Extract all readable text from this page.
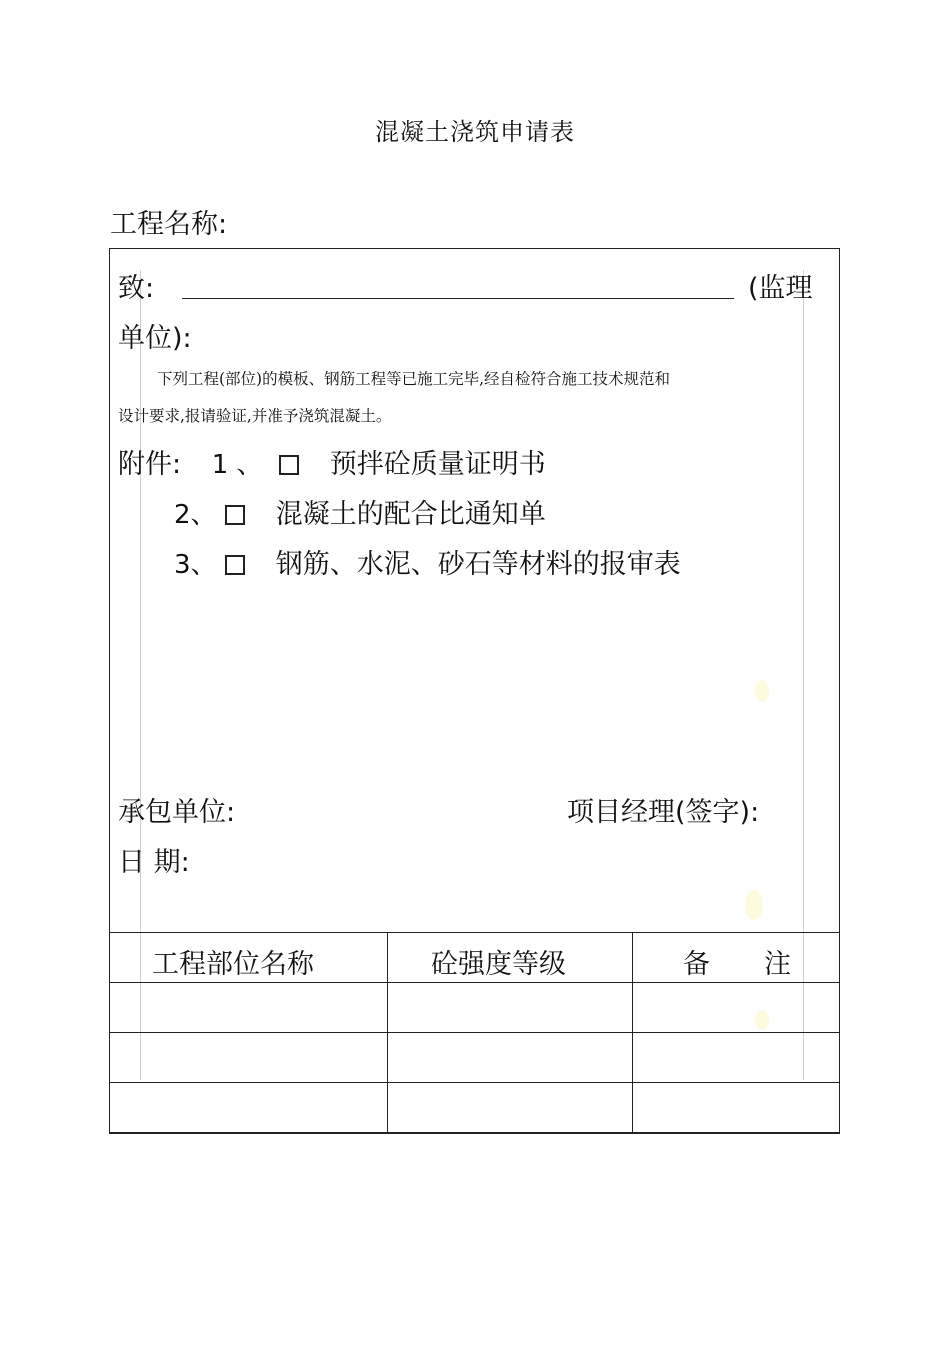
混凝土浇筑申请表
工程名称:
致:	(监理
单位):
下列工程(部位)的模板、钢筋工程等已施工完毕,经自检符合施工技术规范和
设计要求,报请验证,并准予浇筑混凝土。
附件: 1 、 预拌砼质量证明书
2、 混凝土的配合比通知单
3、 钢筋、水泥、砂石等材料的报审表
承包单位:	项目经理(签字):
日 期:
工程部位名称	砼强度等级	备　　注
